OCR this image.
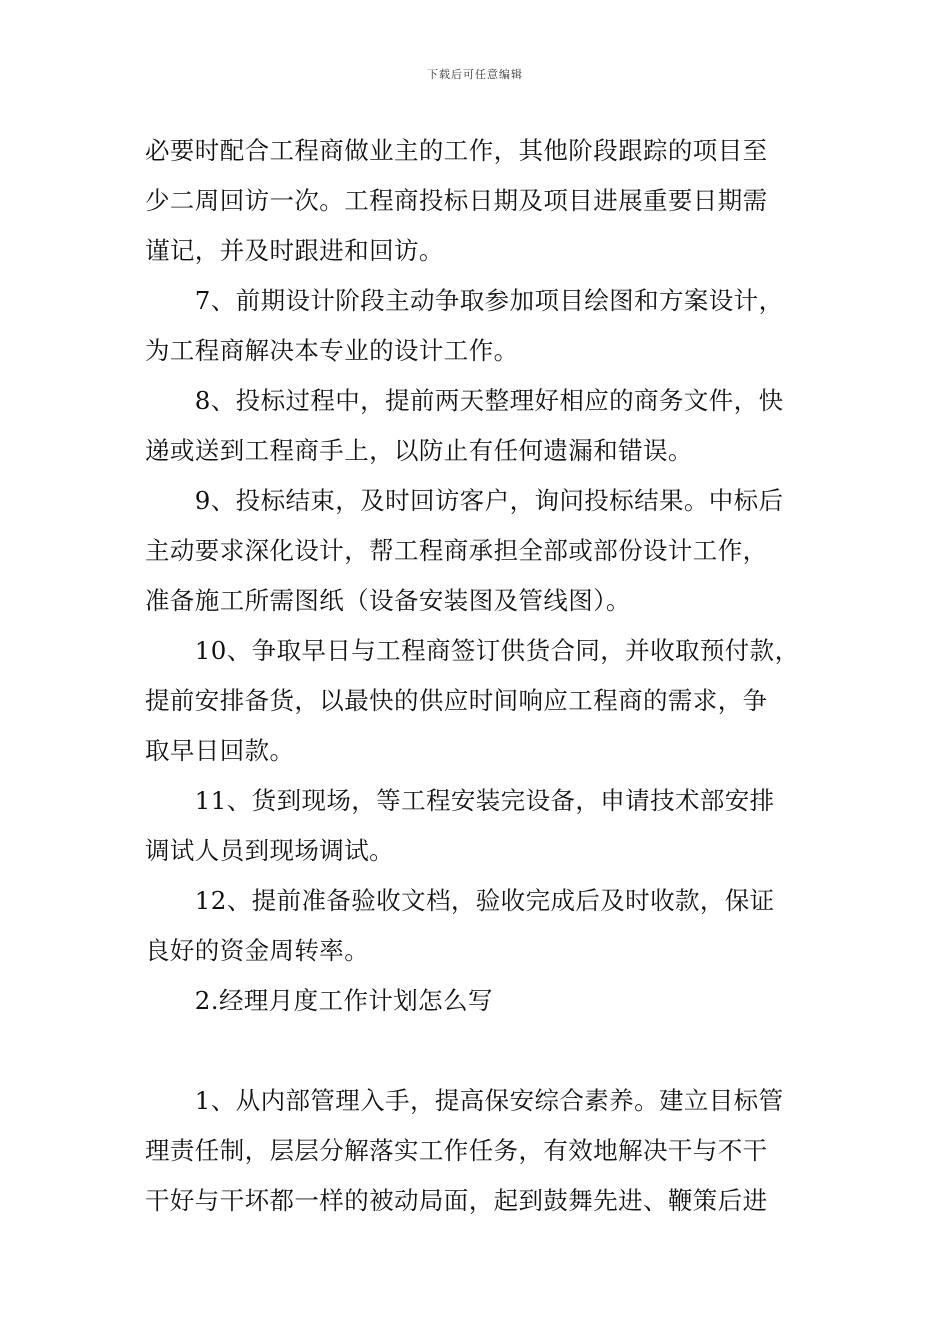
下载后可任意编辑
必要时配合工程商做业主的工作，其他阶段跟踪的项目至
少二周回访一次。工程商投标日期及项目进展重要日期需
谨记，并及时跟进和回访。
　　7、前期设计阶段主动争取参加项目绘图和方案设计，
为工程商解决本专业的设计工作。
　　8、投标过程中，提前两天整理好相应的商务文件，快
递或送到工程商手上，以防止有任何遗漏和错误。
　　9、投标结束，及时回访客户，询问投标结果。中标后
主动要求深化设计，帮工程商承担全部或部份设计工作，
准备施工所需图纸（设备安装图及管线图）。
　　10、争取早日与工程商签订供货合同，并收取预付款，
提前安排备货，以最快的供应时间响应工程商的需求，争
取早日回款。
　　11、货到现场，等工程安装完设备，申请技术部安排
调试人员到现场调试。
　　12、提前准备验收文档，验收完成后及时收款，保证
良好的资金周转率。
　　2.经理月度工作计划怎么写
　　1、从内部管理入手，提高保安综合素养。建立目标管
理责任制，层层分解落实工作任务，有效地解决干与不干
干好与干坏都一样的被动局面，起到鼓舞先进、鞭策后进
